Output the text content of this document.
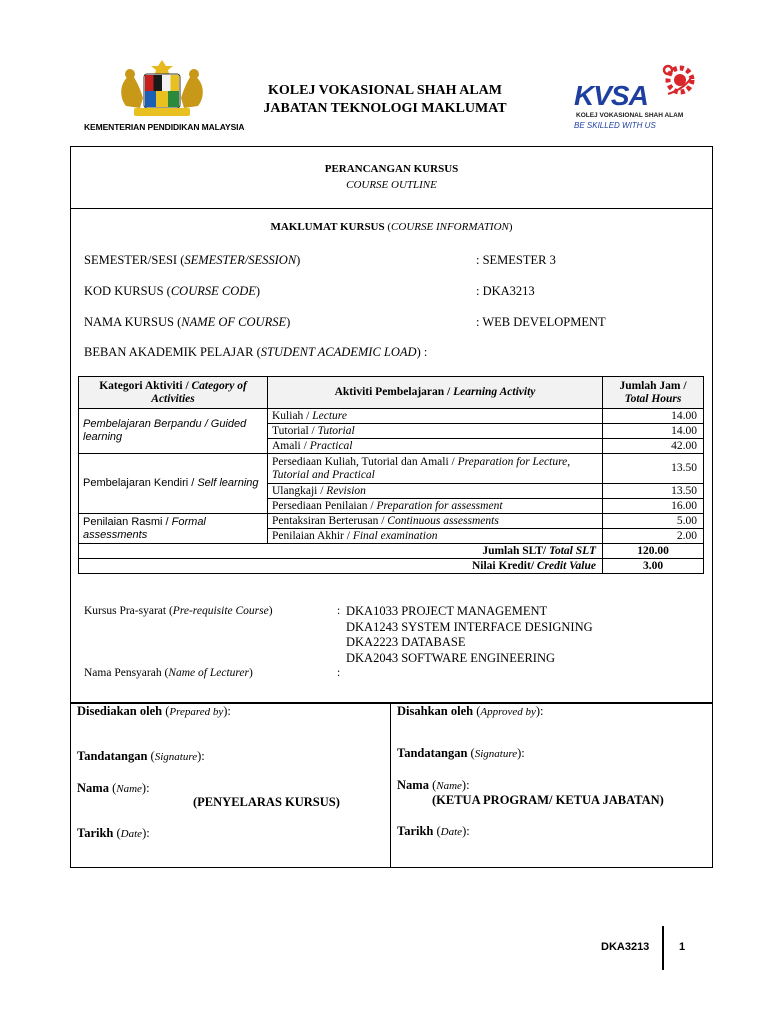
KEMENTERIAN PENDIDIKAN MALAYSIA
KOLEJ VOKASIONAL SHAH ALAM
JABATAN TEKNOLOGI MAKLUMAT	KVSA
KOLEJ VOKASIONAL SHAH ALAM
BE SKILLED WITH US
PERANCANGAN KURSUS
COURSE OUTLINE
MAKLUMAT KURSUS (COURSE INFORMATION)
SEMESTER/SESI (SEMESTER/SESSION)	: SEMESTER 3
KOD KURSUS (COURSE CODE)	: DKA3213
NAMA KURSUS (NAME OF COURSE)	: WEB DEVELOPMENT
BEBAN AKADEMIK PELAJAR (STUDENT ACADEMIC LOAD) :
Kategori Aktiviti / Category of Activities	Aktiviti Pembelajaran / Learning Activity	Jumlah Jam / Total Hours
Pembelajaran Berpandu / Guided learning	Kuliah / Lecture	14.00
	Tutorial / Tutorial	14.00
	Amali / Practical	42.00
Pembelajaran Kendiri / Self learning	Persediaan Kuliah, Tutorial dan Amali / Preparation for Lecture, Tutorial and Practical	13.50
	Ulangkaji / Revision	13.50
	Persediaan Penilaian / Preparation for assessment	16.00
Penilaian Rasmi / Formal assessments	Pentaksiran Berterusan / Continuous assessments	5.00
	Penilaian Akhir / Final examination	2.00
Jumlah SLT/ Total SLT		120.00
Nilai Kredit/ Credit Value		3.00
Kursus Pra-syarat (Pre-requisite Course)	: DKA1033 PROJECT MANAGEMENT
DKA1243 SYSTEM INTERFACE DESIGNING
DKA2223 DATABASE
DKA2043 SOFTWARE ENGINEERING
Nama Pensyarah (Name of Lecturer)	:
Disediakan oleh (Prepared by):
Tandatangan (Signature):
Nama (Name):
(PENYELARAS KURSUS)
Tarikh (Date):
Disahkan oleh (Approved by):
Tandatangan (Signature):
Nama (Name):
(KETUA PROGRAM/ KETUA JABATAN)
Tarikh (Date):
DKA3213	1
